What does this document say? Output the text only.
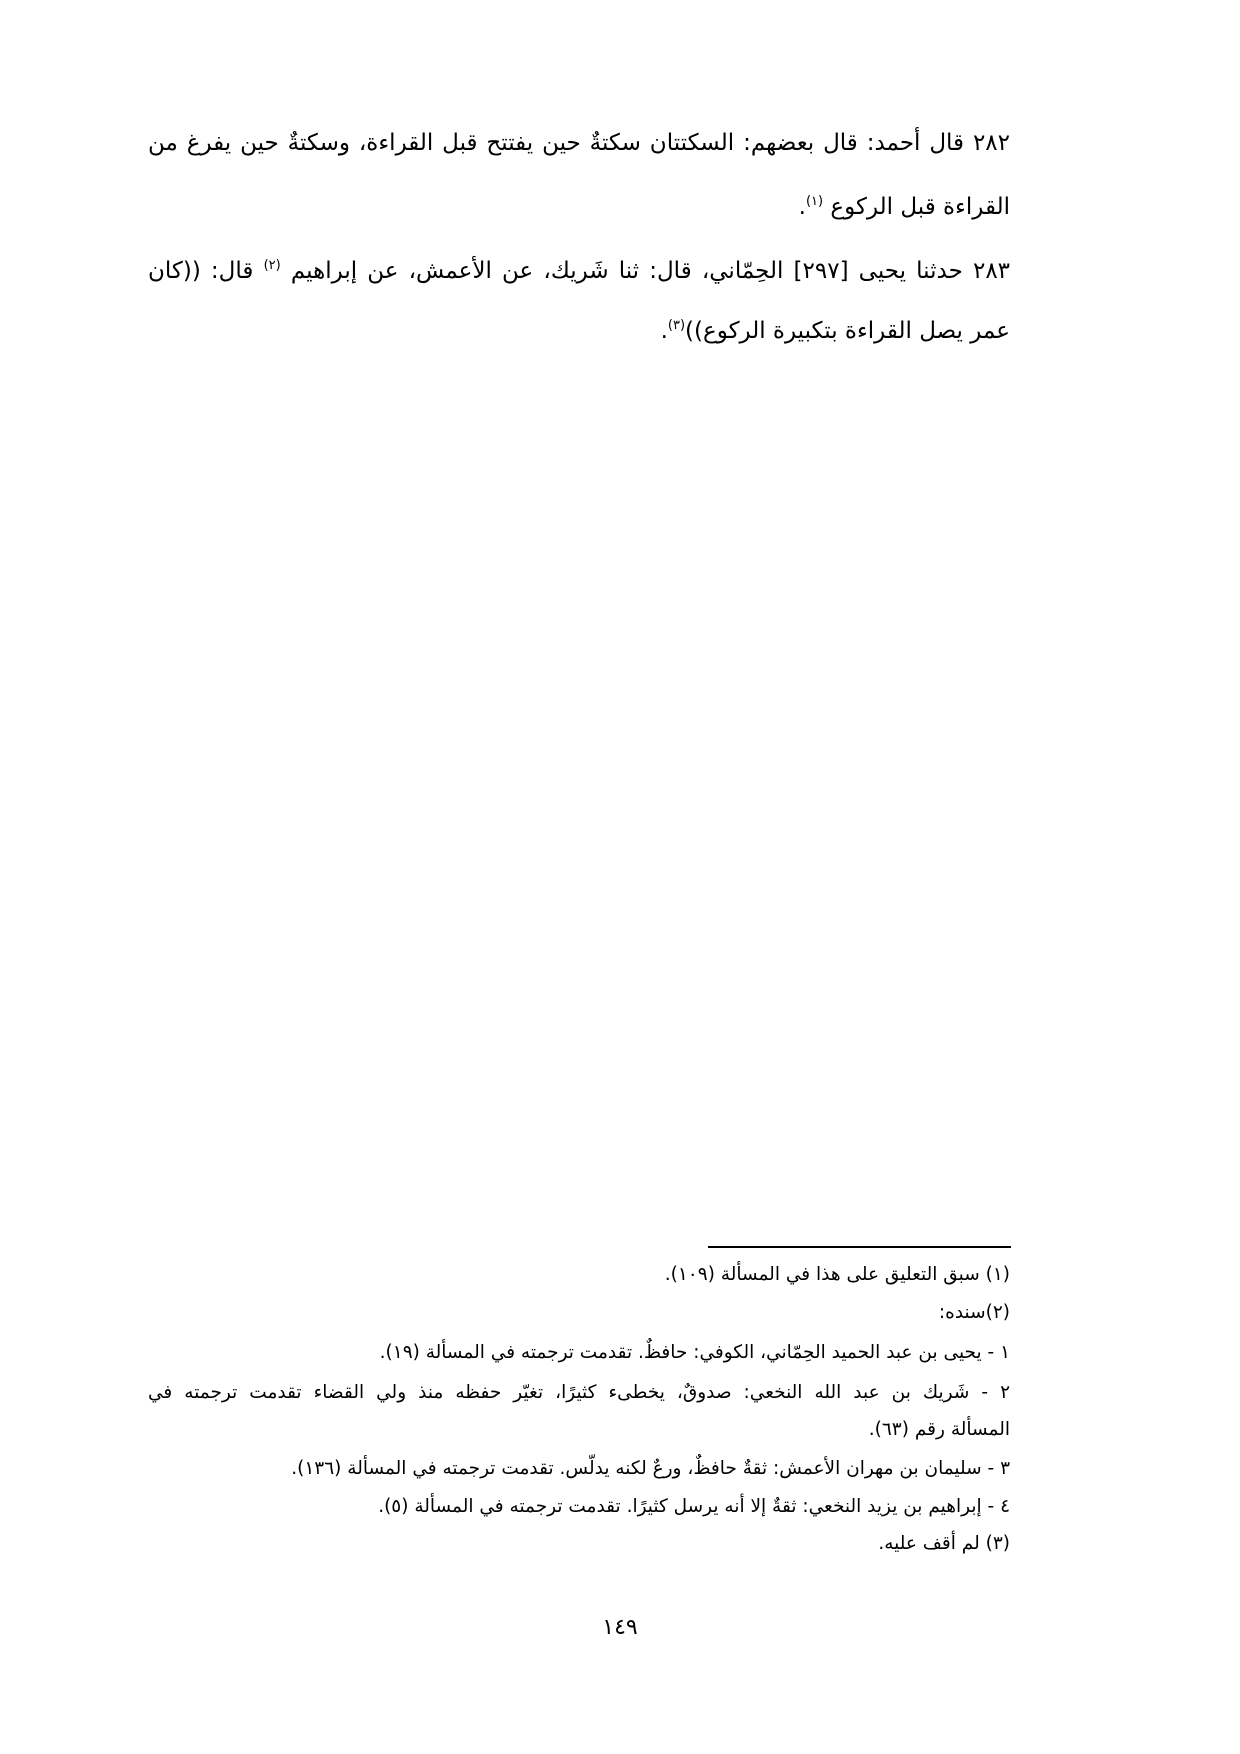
٢٨٢ قال أحمد: قال بعضهم: السكتتان سكتةٌ حين يفتتح قبل القراءة، وسكتةٌ حين يفرغ من
القراءة قبل الركوع $^{(١)}$.
٢٨٣ حدثنا يحيى [٢٩٧] الحِمّاني، قال: ثنا شَريك، عن الأعمش، عن إبراهيم $^{(٢)}$ قال: ((كان
عمر يصل القراءة بتكبيرة الركوع))$^{(٣)}$.
(١) سبق التعليق على هذا في المسألة (١٠٩).
(٢)سنده:
١ - يحيى بن عبد الحميد الحِمّاني، الكوفي: حافظٌ. تقدمت ترجمته في المسألة (١٩).
٢ - شَريك بن عبد الله النخعي: صدوقٌ، يخطىء كثيرًا، تغيّر حفظه منذ ولي القضاء تقدمت ترجمته في
المسألة رقم (٦٣).
٣ - سليمان بن مهران الأعمش: ثقةٌ حافظٌ، ورعٌ لكنه يدلّس. تقدمت ترجمته في المسألة (١٣٦).
٤ - إبراهيم بن يزيد النخعي: ثقةٌ إلا أنه يرسل كثيرًا. تقدمت ترجمته في المسألة (٥).
(٣) لم أقف عليه.
١٤٩
